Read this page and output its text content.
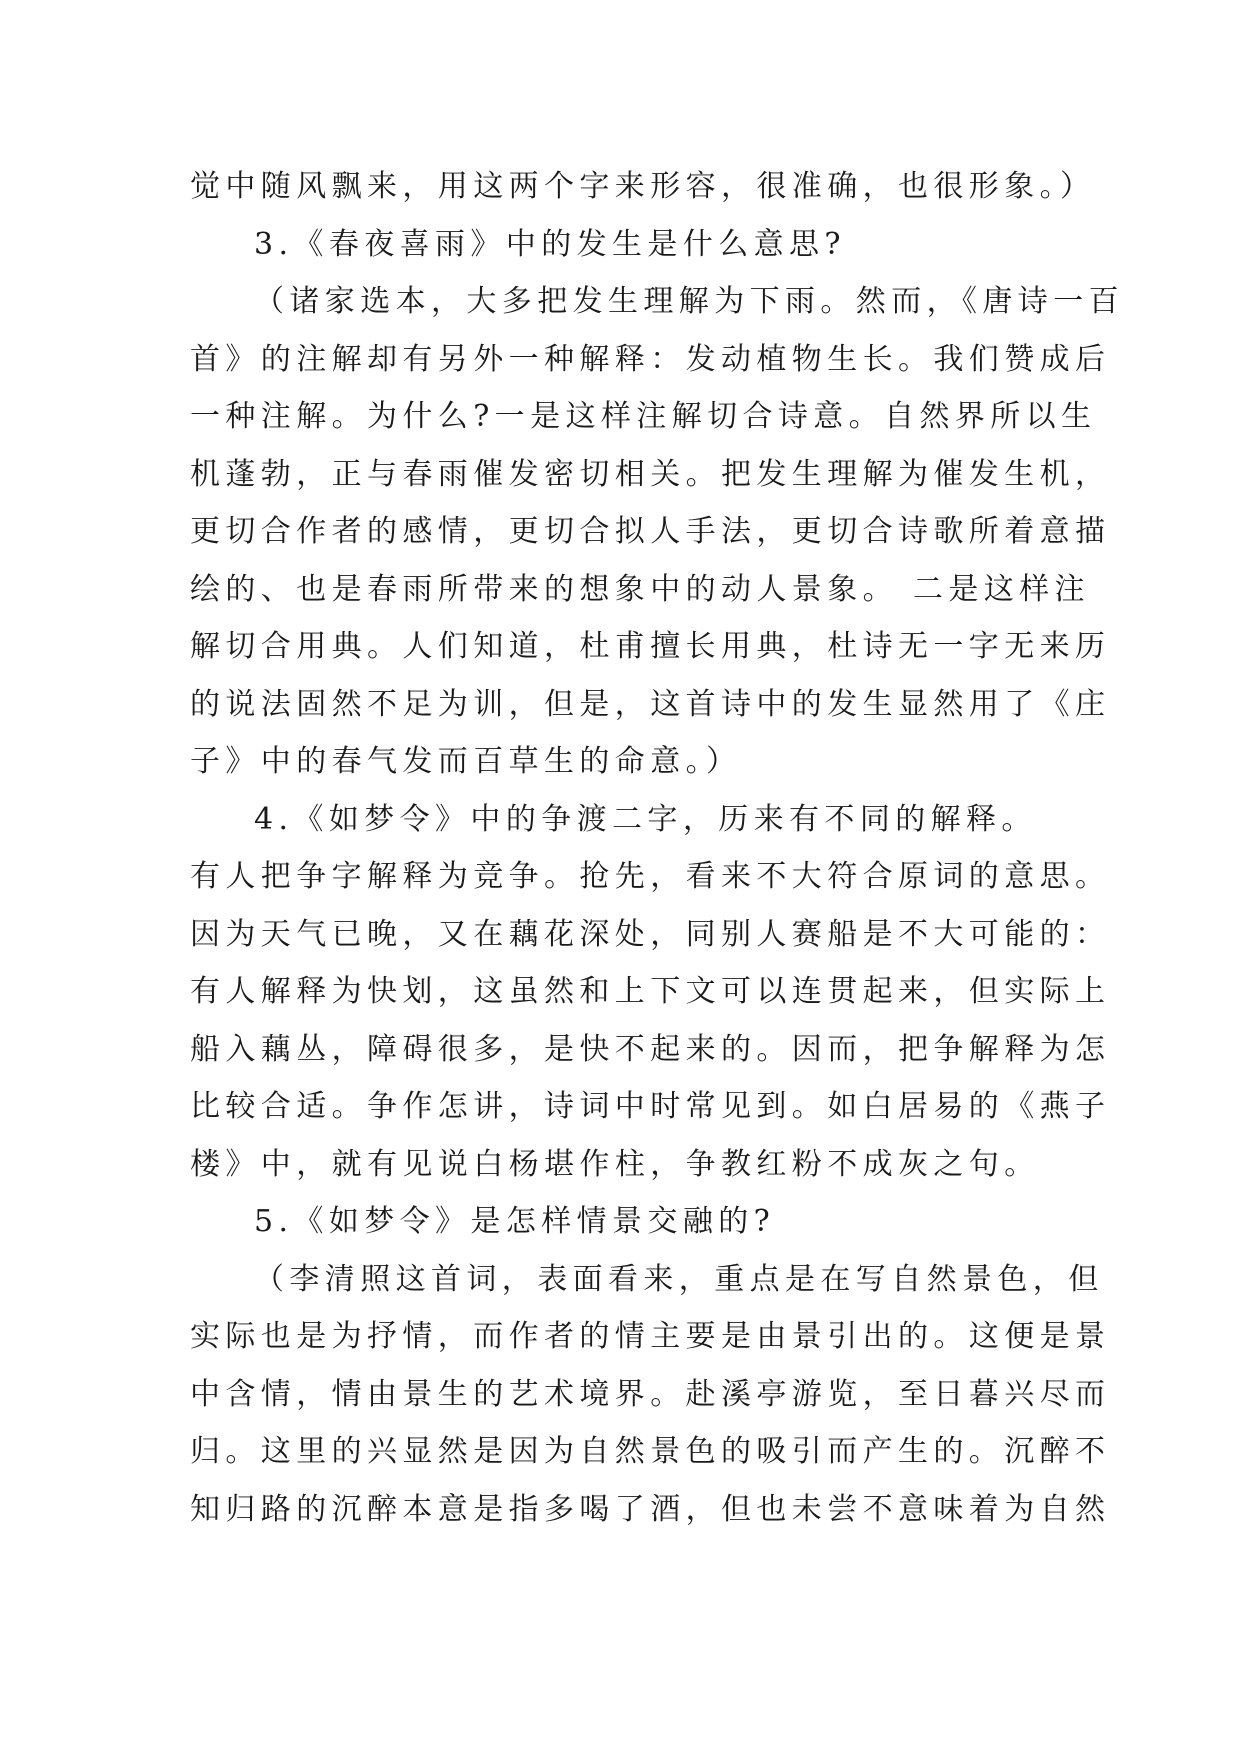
觉中随风飘来，用这两个字来形容，很准确，也很形象。）
3.《春夜喜雨》中的发生是什么意思?
（诸家选本，大多把发生理解为下雨。然而，《唐诗一百
首》的注解却有另外一种解释：发动植物生长。我们赞成后
一种注解。为什么?一是这样注解切合诗意。自然界所以生
机蓬勃，正与春雨催发密切相关。把发生理解为催发生机，
更切合作者的感情，更切合拟人手法，更切合诗歌所着意描
绘的、也是春雨所带来的想象中的动人景象。 二是这样注
解切合用典。人们知道，杜甫擅长用典，杜诗无一字无来历
的说法固然不足为训，但是，这首诗中的发生显然用了《庄
子》中的春气发而百草生的命意。）
4.《如梦令》中的争渡二字，历来有不同的解释。
有人把争字解释为竞争。抢先，看来不大符合原词的意思。
因为天气已晚，又在藕花深处，同别人赛船是不大可能的：
有人解释为快划，这虽然和上下文可以连贯起来，但实际上
船入藕丛，障碍很多，是快不起来的。因而，把争解释为怎
比较合适。争作怎讲，诗词中时常见到。如白居易的《燕子
楼》中，就有见说白杨堪作柱，争教红粉不成灰之句。
5.《如梦令》是怎样情景交融的?
（李清照这首词，表面看来，重点是在写自然景色，但
实际也是为抒情，而作者的情主要是由景引出的。这便是景
中含情，情由景生的艺术境界。赴溪亭游览，至日暮兴尽而
归。这里的兴显然是因为自然景色的吸引而产生的。沉醉不
知归路的沉醉本意是指多喝了酒，但也未尝不意味着为自然
